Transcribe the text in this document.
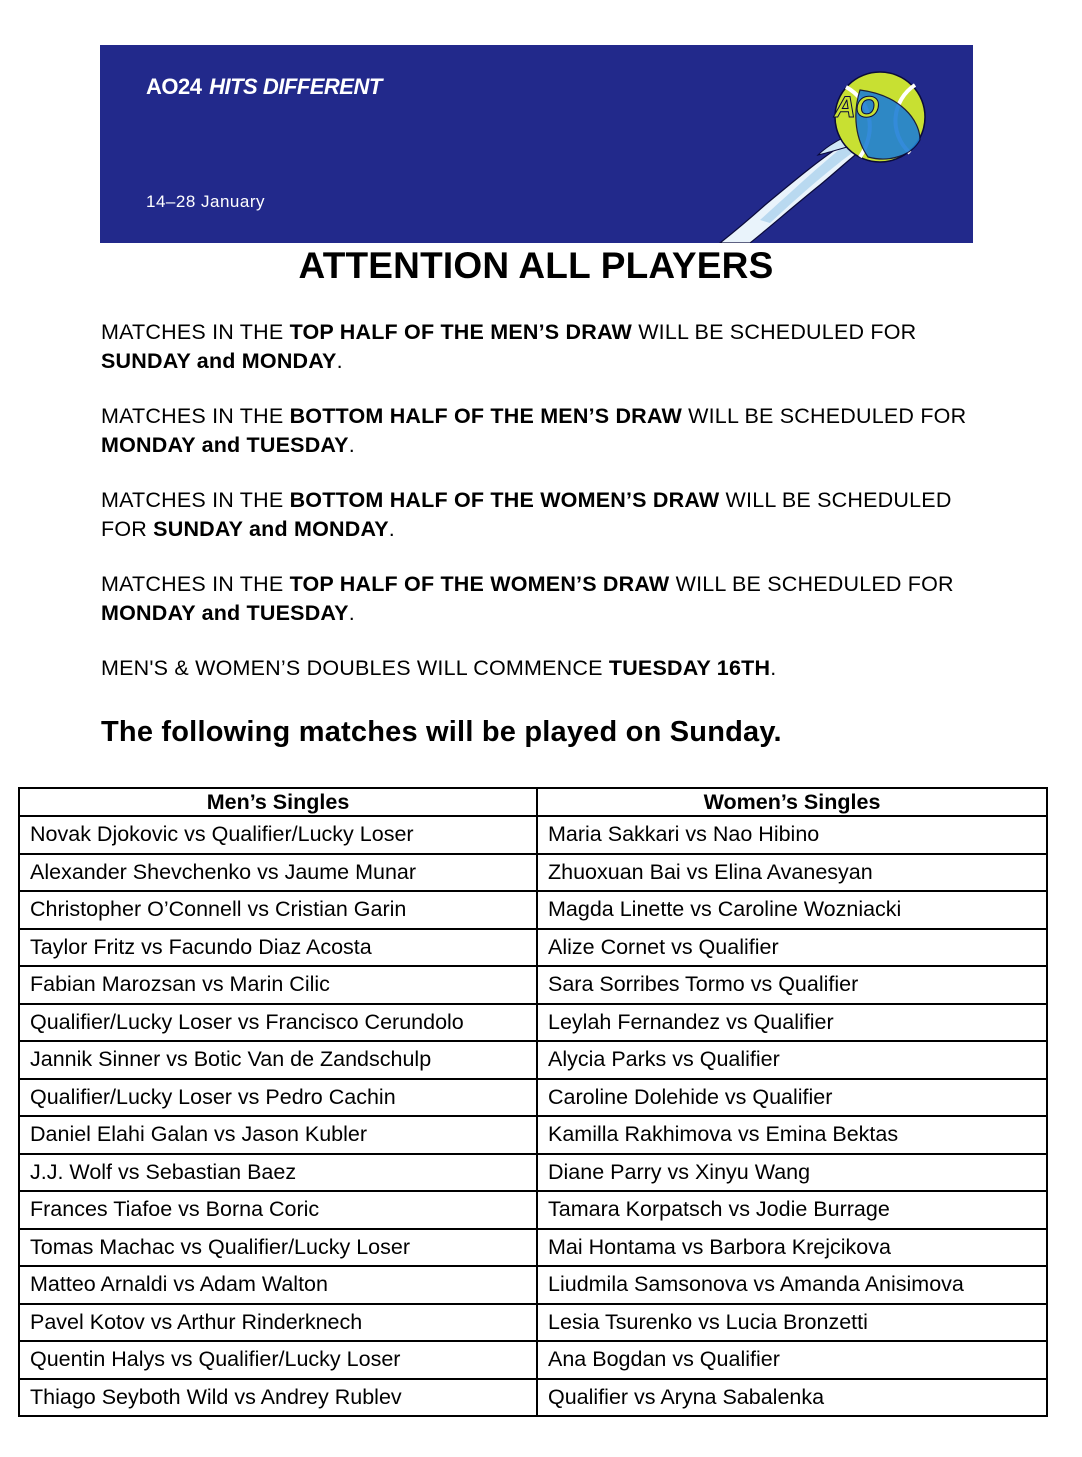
AO24 HITS DIFFERENT
14–28 January
AO
ATTENTION ALL PLAYERS

MATCHES IN THE TOP HALF OF THE MEN’S DRAW WILL BE SCHEDULED FOR SUNDAY and MONDAY.

MATCHES IN THE BOTTOM HALF OF THE MEN’S DRAW WILL BE SCHEDULED FOR MONDAY and TUESDAY.

MATCHES IN THE BOTTOM HALF OF THE WOMEN’S DRAW WILL BE SCHEDULED FOR SUNDAY and MONDAY.

MATCHES IN THE TOP HALF OF THE WOMEN’S DRAW WILL BE SCHEDULED FOR MONDAY and TUESDAY.

MEN'S & WOMEN’S DOUBLES WILL COMMENCE TUESDAY 16TH.

The following matches will be played on Sunday.
Men’s Singles	Women’s Singles
Novak Djokovic vs Qualifier/Lucky Loser	Maria Sakkari vs Nao Hibino
Alexander Shevchenko vs Jaume Munar	Zhuoxuan Bai vs Elina Avanesyan
Christopher O’Connell vs Cristian Garin	Magda Linette vs Caroline Wozniacki
Taylor Fritz vs Facundo Diaz Acosta	Alize Cornet vs Qualifier
Fabian Marozsan vs Marin Cilic	Sara Sorribes Tormo vs Qualifier
Qualifier/Lucky Loser vs Francisco Cerundolo	Leylah Fernandez vs Qualifier
Jannik Sinner vs Botic Van de Zandschulp	Alycia Parks vs Qualifier
Qualifier/Lucky Loser vs Pedro Cachin	Caroline Dolehide vs Qualifier
Daniel Elahi Galan vs Jason Kubler	Kamilla Rakhimova vs Emina Bektas
J.J. Wolf vs Sebastian Baez	Diane Parry vs Xinyu Wang
Frances Tiafoe vs Borna Coric	Tamara Korpatsch vs Jodie Burrage
Tomas Machac vs Qualifier/Lucky Loser	Mai Hontama vs Barbora Krejcikova
Matteo Arnaldi vs Adam Walton	Liudmila Samsonova vs Amanda Anisimova
Pavel Kotov vs Arthur Rinderknech	Lesia Tsurenko vs Lucia Bronzetti
Quentin Halys vs Qualifier/Lucky Loser	Ana Bogdan vs Qualifier
Thiago Seyboth Wild vs Andrey Rublev	Qualifier vs Aryna Sabalenka
